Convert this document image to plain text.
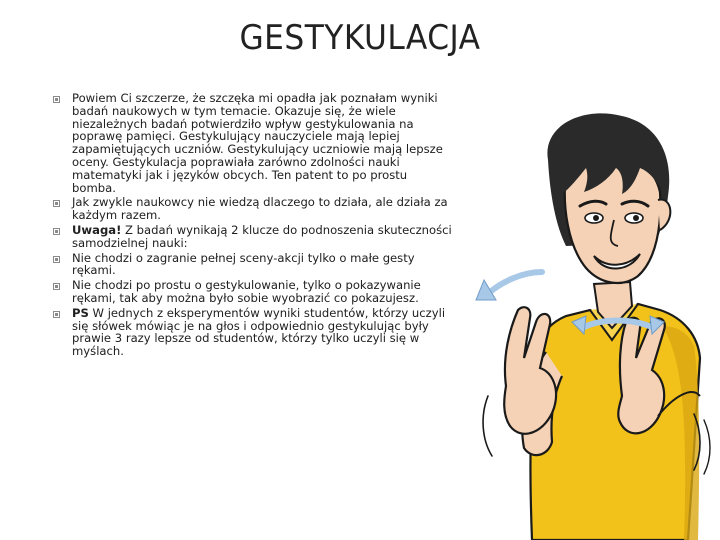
GESTYKULACJA
Powiem Ci szczerze, że szczęka mi opadła jak poznałam wyniki badań naukowych w tym temacie. Okazuje się, że wiele niezależnych badań potwierdziło wpływ gestykulowania na poprawę pamięci. Gestykulujący nauczyciele mają lepiej zapamiętujących uczniów. Gestykulujący uczniowie mają lepsze oceny. Gestykulacja poprawiała zarówno zdolności nauki matematyki jak i języków obcych. Ten patent to po prostu bomba.
Jak zwykle naukowcy nie wiedzą dlaczego to działa, ale działa za każdym razem.
Uwaga! Z badań wynikają 2 klucze do podnoszenia skuteczności samodzielnej nauki:
Nie chodzi o zagranie pełnej sceny-akcji tylko o małe gesty rękami.
Nie chodzi po prostu o gestykulowanie, tylko o pokazywanie rękami, tak aby można było sobie wyobrazić co pokazujesz.
PS W jednych z eksperymentów wyniki studentów, którzy uczyli się słówek mówiąc je na głos i odpowiednio gestykulując były prawie 3 razy lepsze od studentów, którzy tylko uczyli się w myślach.
